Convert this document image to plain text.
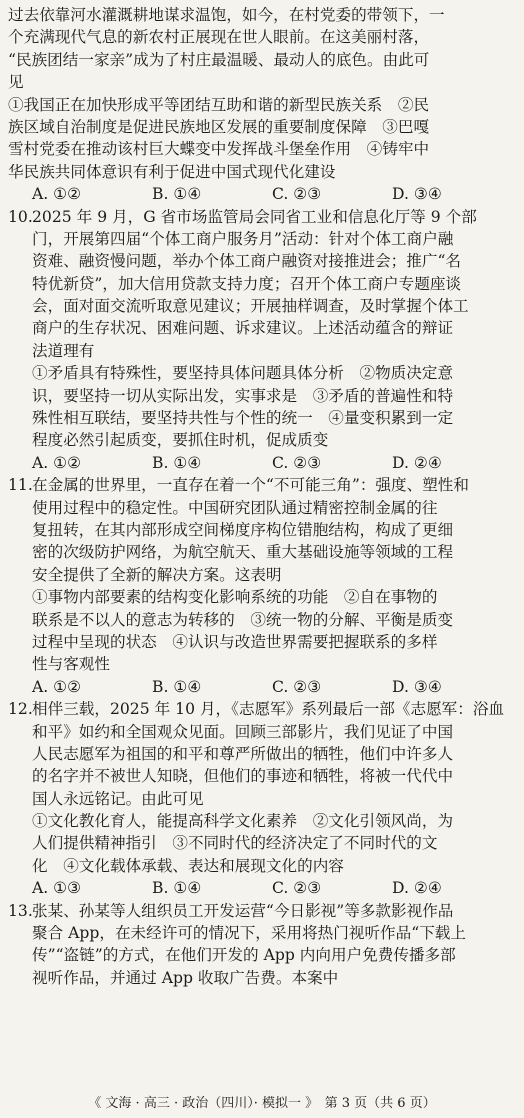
过去依靠河水灌溉耕地谋求温饱，如今，在村党委的带领下，一
个充满现代气息的新农村正展现在世人眼前。在这美丽村落，
“民族团结一家亲”成为了村庄最温暖、最动人的底色。由此可
见
①我国正在加快形成平等团结互助和谐的新型民族关系　②民
族区域自治制度是促进民族地区发展的重要制度保障　③巴嘎
雪村党委在推动该村巨大蝶变中发挥战斗堡垒作用　④铸牢中
华民族共同体意识有利于促进中国式现代化建设
A. ①②	B. ①④	C. ②③	D. ③④
10.2025 年 9 月，G 省市场监管局会同省工业和信息化厅等 9 个部
门，开展第四届“个体工商户服务月”活动：针对个体工商户融
资难、融资慢问题，举办个体工商户融资对接推进会；推广“名
特优新贷”，加大信用贷款支持力度；召开个体工商户专题座谈
会，面对面交流听取意见建议；开展抽样调查，及时掌握个体工
商户的生存状况、困难问题、诉求建议。上述活动蕴含的辩证
法道理有
①矛盾具有特殊性，要坚持具体问题具体分析　②物质决定意
识，要坚持一切从实际出发，实事求是　③矛盾的普遍性和特
殊性相互联结，要坚持共性与个性的统一　④量变积累到一定
程度必然引起质变，要抓住时机，促成质变
A. ①②	B. ①④	C. ②③	D. ②④
11.在金属的世界里，一直存在着一个“不可能三角”：强度、塑性和
使用过程中的稳定性。中国研究团队通过精密控制金属的往
复扭转，在其内部形成空间梯度序构位错胞结构，构成了更细
密的次级防护网络，为航空航天、重大基础设施等领域的工程
安全提供了全新的解决方案。这表明
①事物内部要素的结构变化影响系统的功能　②自在事物的
联系是不以人的意志为转移的　③统一物的分解、平衡是质变
过程中呈现的状态　④认识与改造世界需要把握联系的多样
性与客观性
A. ①②	B. ①④	C. ②③	D. ③④
12.相伴三载，2025 年 10 月，《志愿军》系列最后一部《志愿军：浴血
和平》如约和全国观众见面。回顾三部影片，我们见证了中国
人民志愿军为祖国的和平和尊严所做出的牺牲，他们中许多人
的名字并不被世人知晓，但他们的事迹和牺牲，将被一代代中
国人永远铭记。由此可见
①文化教化育人，能提高科学文化素养　②文化引领风尚，为
人们提供精神指引　③不同时代的经济决定了不同时代的文
化　④文化载体承载、表达和展现文化的内容
A. ①③	B. ①④	C. ②③	D. ②④
13.张某、孙某等人组织员工开发运营“今日影视”等多款影视作品
聚合 App，在未经许可的情况下，采用将热门视听作品“下载上
传”“盗链”的方式，在他们开发的 App 内向用户免费传播多部
视听作品，并通过 App 收取广告费。本案中
《 文海 · 高三 · 政治（四川）· 模拟一 》　第 3 页（共 6 页）
